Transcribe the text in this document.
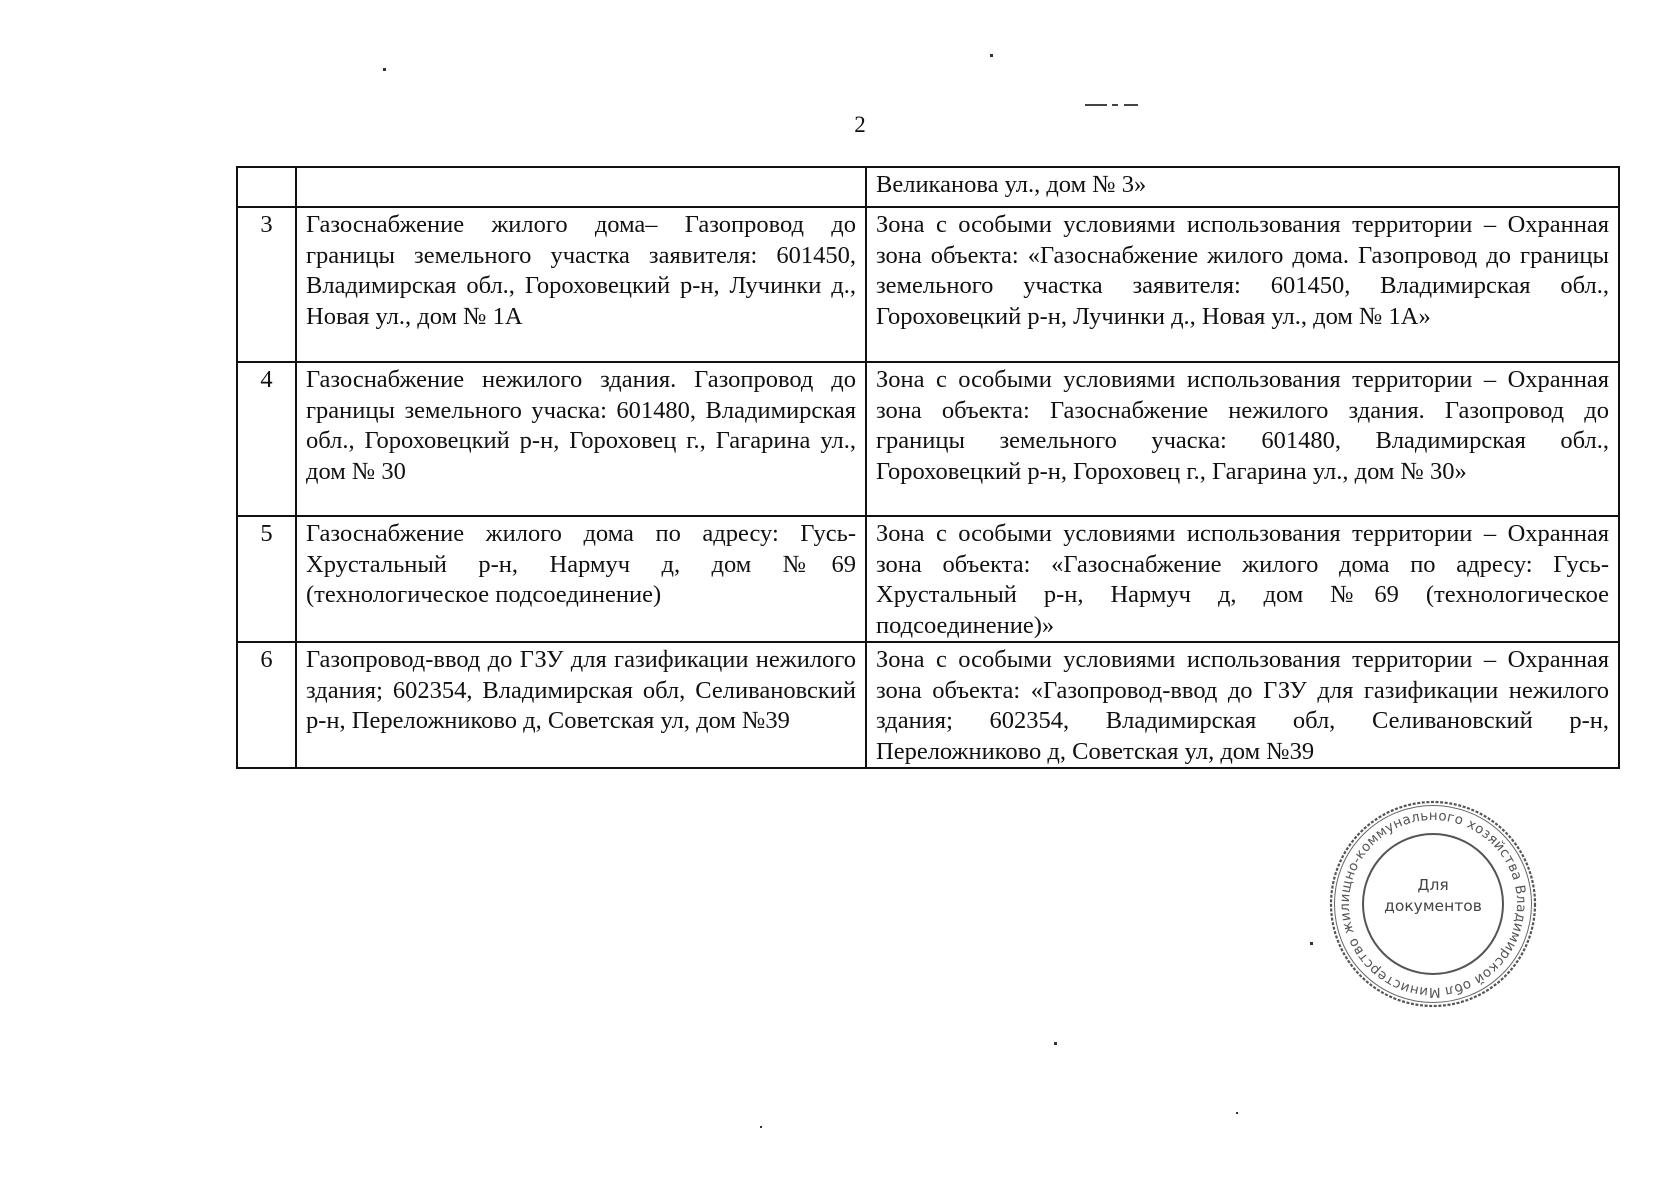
2
		Великанова ул., дом № 3»
3	Газоснабжение жилого дома– Газопровод до границы земельного участка заявителя: 601450, Владимирская обл., Гороховецкий р-н, Лучинки д., Новая ул., дом № 1А	Зона с особыми условиями использования территории – Охранная зона объекта: «Газоснабжение жилого дома. Газопровод до границы земельного участка заявителя: 601450, Владимирская обл., Гороховецкий р-н, Лучинки д., Новая ул., дом № 1А»
4	Газоснабжение нежилого здания. Газопровод до границы земельного учаска: 601480, Владимирская обл., Гороховецкий р-н, Гороховец г., Гагарина ул., дом № 30	Зона с особыми условиями использования территории – Охранная зона объекта: Газоснабжение нежилого здания. Газопровод до границы земельного учаска: 601480, Владимирская обл., Гороховецкий р-н, Гороховец г., Гагарина ул., дом № 30»
5	Газоснабжение жилого дома по адресу: Гусь-Хрустальный р-н, Нармуч д, дом №69 (технологическое подсоединение)	Зона с особыми условиями использования территории – Охранная зона объекта: «Газоснабжение жилого дома по адресу: Гусь-Хрустальный р-н, Нармуч д, дом №69 (технологическое подсоединение)»
6	Газопровод-ввод до ГЗУ для газификации нежилого здания; 602354, Владимирская обл, Селивановский р-н, Переложниково д, Советская ул, дом №39	Зона с особыми условиями использования территории – Охранная зона объекта: «Газопровод-ввод до ГЗУ для газификации нежилого здания; 602354, Владимирская обл, Селивановский р-н, Переложниково д, Советская ул, дом №39
Министерство жилищно-коммунального хозяйства Владимирской области
Для
документов
